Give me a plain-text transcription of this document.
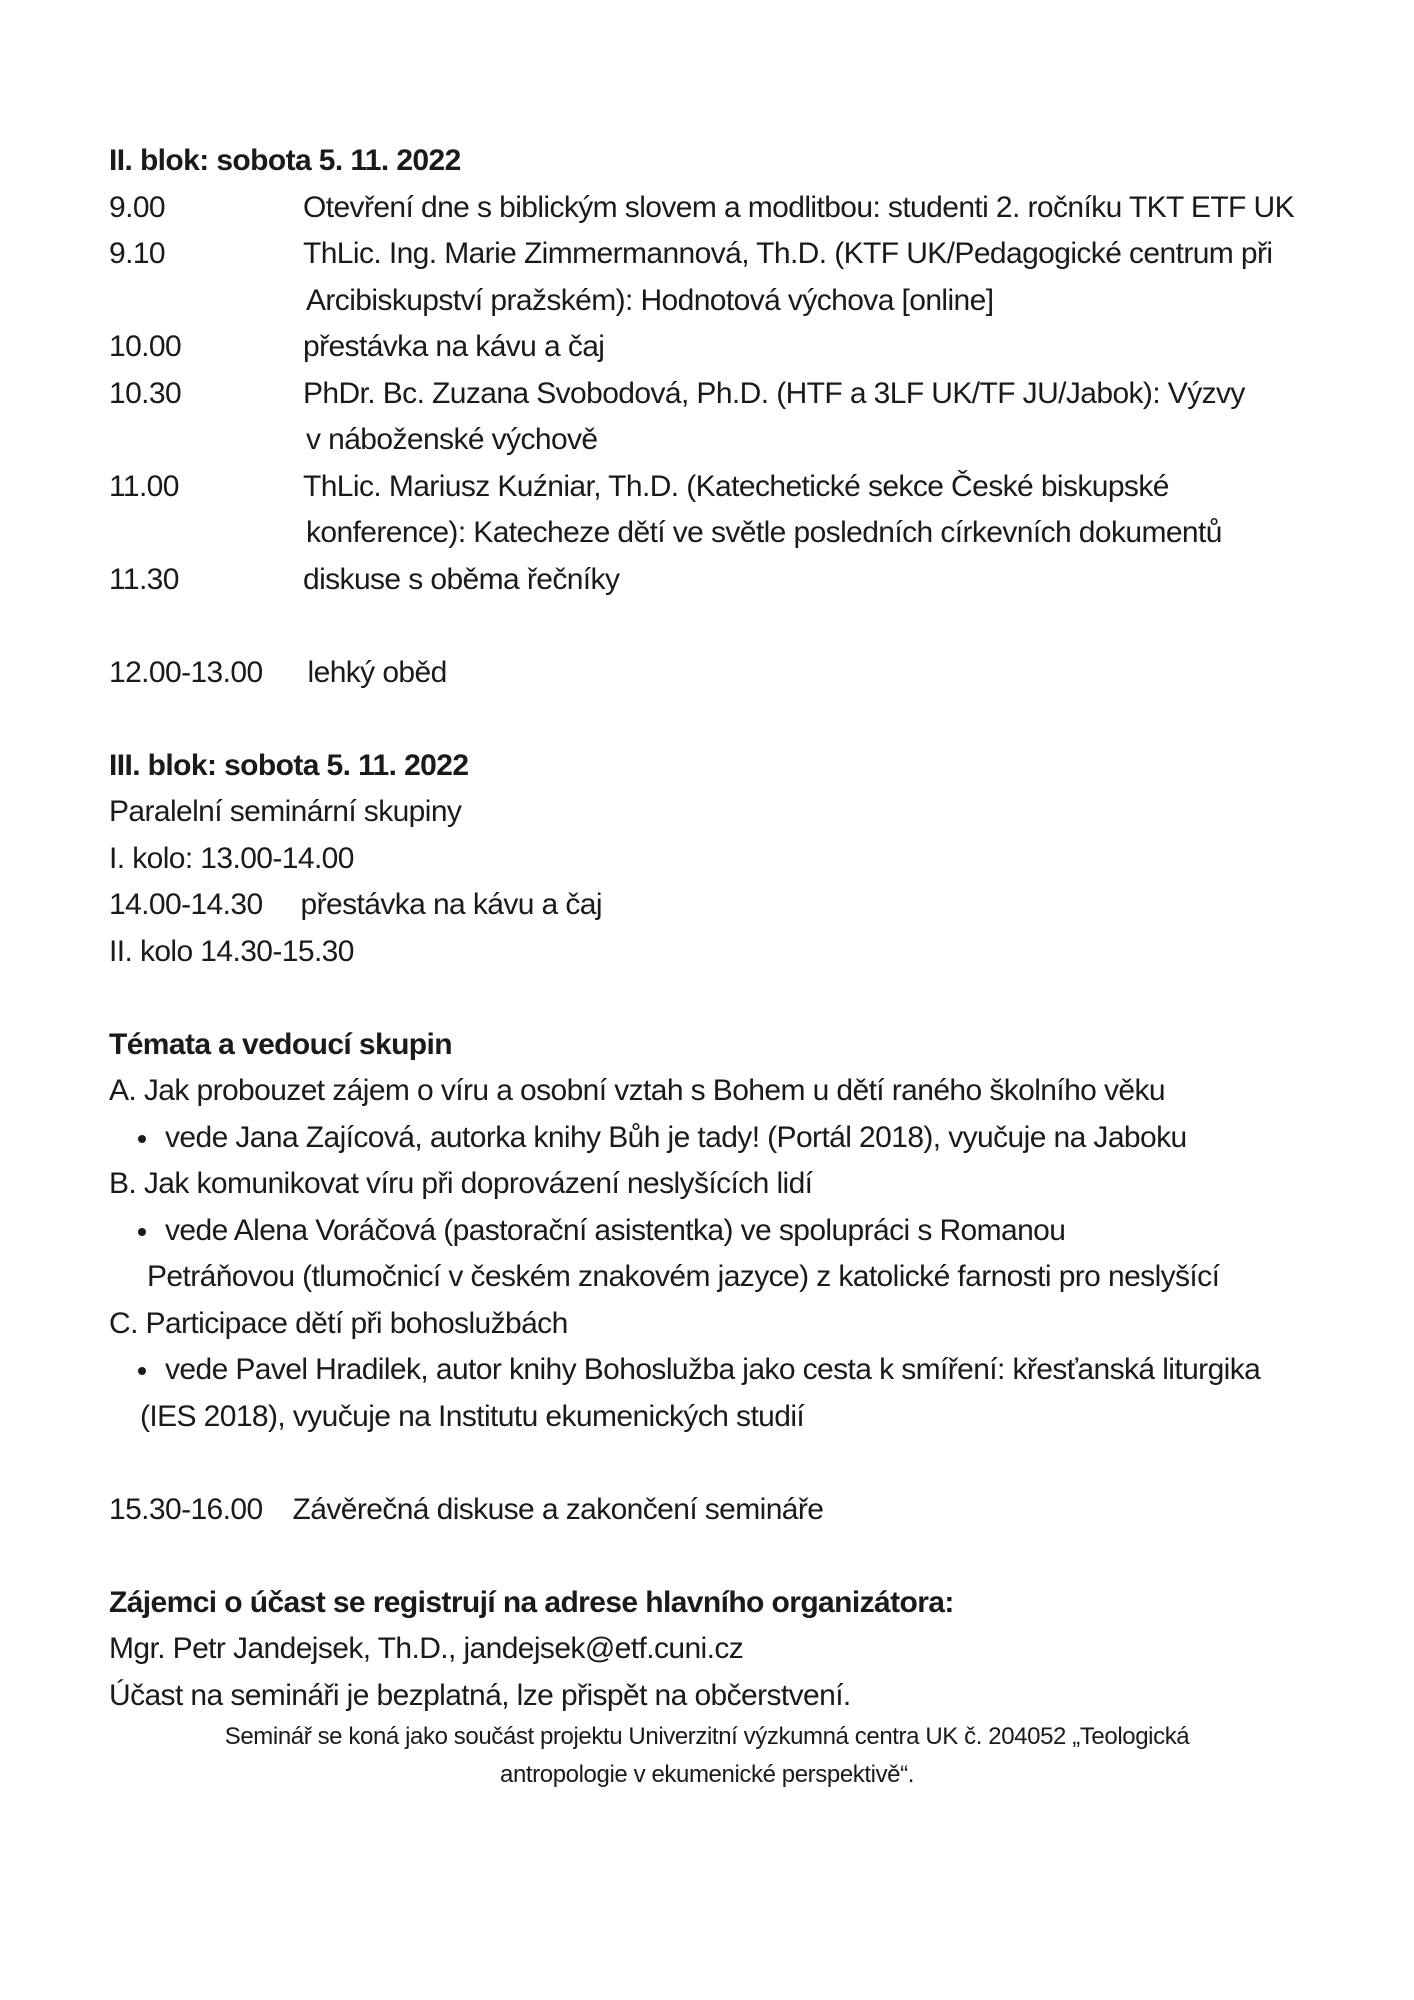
II. blok: sobota 5. 11. 2022
9.00	Otevření dne s biblickým slovem a modlitbou: studenti 2. ročníku TKT ETF UK
9.10	ThLic. Ing. Marie Zimmermannová, Th.D. (KTF UK/Pedagogické centrum při
Arcibiskupství pražském): Hodnotová výchova [online]
10.00	přestávka na kávu a čaj
10.30	PhDr. Bc. Zuzana Svobodová, Ph.D. (HTF a 3LF UK/TF JU/Jabok): Výzvy
v náboženské výchově
11.00	ThLic. Mariusz Kuźniar, Th.D. (Katechetické sekce České biskupské
konference): Katecheze dětí ve světle posledních církevních dokumentů
11.30	diskuse s oběma řečníky
12.00-13.00 lehký oběd
III. blok: sobota 5. 11. 2022
Paralelní seminární skupiny
I. kolo: 13.00-14.00
14.00-14.30 přestávka na kávu a čaj
II. kolo 14.30-15.30
Témata a vedoucí skupin
A. Jak probouzet zájem o víru a osobní vztah s Bohem u dětí raného školního věku
vede Jana Zajícová, autorka knihy Bůh je tady! (Portál 2018), vyučuje na Jaboku
B. Jak komunikovat víru při doprovázení neslyšících lidí
vede Alena Voráčová (pastorační asistentka) ve spolupráci s Romanou
Petráňovou (tlumočnicí v českém znakovém jazyce) z katolické farnosti pro neslyšící
C. Participace dětí při bohoslužbách
vede Pavel Hradilek, autor knihy Bohoslužba jako cesta k smíření: křesťanská liturgika
(IES 2018), vyučuje na Institutu ekumenických studií
15.30-16.00 Závěrečná diskuse a zakončení semináře
Zájemci o účast se registrují na adrese hlavního organizátora:
Mgr. Petr Jandejsek, Th.D., jandejsek@etf.cuni.cz
Účast na semináři je bezplatná, lze přispět na občerstvení.
Seminář se koná jako součást projektu Univerzitní výzkumná centra UK č. 204052 „Teologická
antropologie v ekumenické perspektivě“.
